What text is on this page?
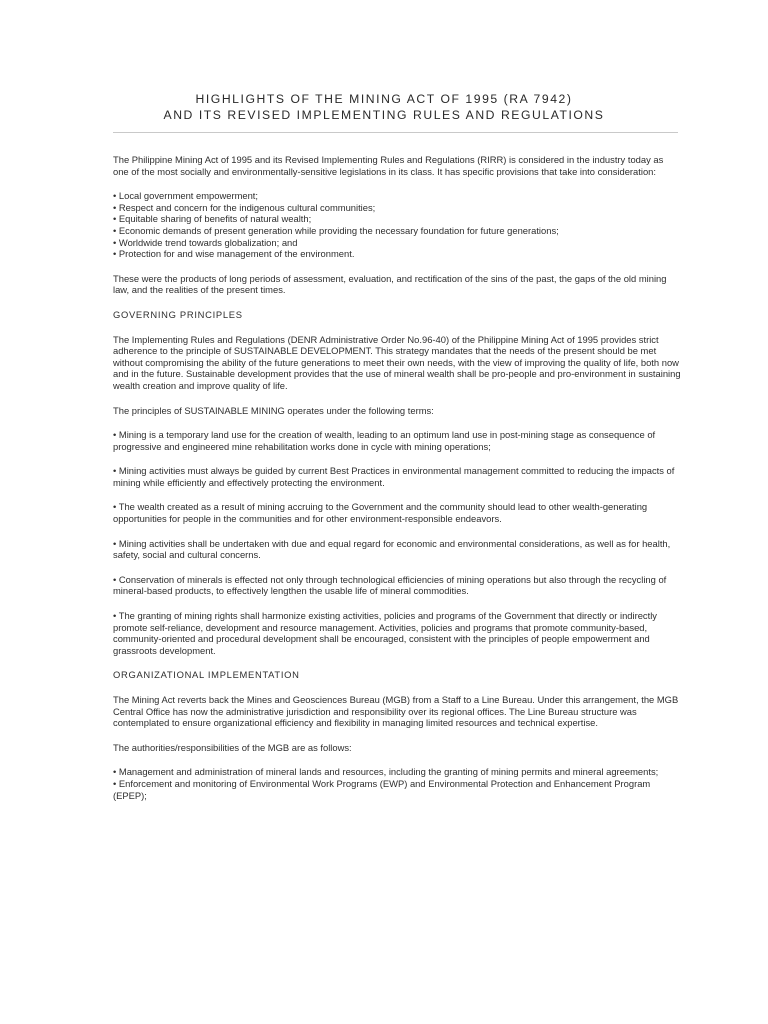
HIGHLIGHTS OF THE MINING ACT OF 1995 (RA 7942)
AND ITS REVISED IMPLEMENTING RULES AND REGULATIONS

The Philippine Mining Act of 1995 and its Revised Implementing Rules and Regulations (RIRR) is considered in the industry today as one of the most socially and environmentally-sensitive legislations in its class. It has specific provisions that take into consideration:

• Local government empowerment;
• Respect and concern for the indigenous cultural communities;
• Equitable sharing of benefits of natural wealth;
• Economic demands of present generation while providing the necessary foundation for future generations;
• Worldwide trend towards globalization; and
• Protection for and wise management of the environment.

These were the products of long periods of assessment, evaluation, and rectification of the sins of the past, the gaps of the old mining law, and the realities of the present times.

GOVERNING PRINCIPLES

The Implementing Rules and Regulations (DENR Administrative Order No.96-40) of the Philippine Mining Act of 1995 provides strict adherence to the principle of SUSTAINABLE DEVELOPMENT. This strategy mandates that the needs of the present should be met without compromising the ability of the future generations to meet their own needs, with the view of improving the quality of life, both now and in the future. Sustainable development provides that the use of mineral wealth shall be pro-people and pro-environment in sustaining wealth creation and improve quality of life.

The principles of SUSTAINABLE MINING operates under the following terms:

• Mining is a temporary land use for the creation of wealth, leading to an optimum land use in post-mining stage as consequence of progressive and engineered mine rehabilitation works done in cycle with mining operations;

• Mining activities must always be guided by current Best Practices in environmental management committed to reducing the impacts of mining while efficiently and effectively protecting the environment.

• The wealth created as a result of mining accruing to the Government and the community should lead to other wealth-generating opportunities for people in the communities and for other environment-responsible endeavors.

• Mining activities shall be undertaken with due and equal regard for economic and environmental considerations, as well as for health, safety, social and cultural concerns.

• Conservation of minerals is effected not only through technological efficiencies of mining operations but also through the recycling of mineral-based products, to effectively lengthen the usable life of mineral commodities.

• The granting of mining rights shall harmonize existing activities, policies and programs of the Government that directly or indirectly promote self-reliance, development and resource management. Activities, policies and programs that promote community-based, community-oriented and procedural development shall be encouraged, consistent with the principles of people empowerment and grassroots development.

ORGANIZATIONAL IMPLEMENTATION

The Mining Act reverts back the Mines and Geosciences Bureau (MGB) from a Staff to a Line Bureau. Under this arrangement, the MGB Central Office has now the administrative jurisdiction and responsibility over its regional offices. The Line Bureau structure was contemplated to ensure organizational efficiency and flexibility in managing limited resources and technical expertise.

The authorities/responsibilities of the MGB are as follows:

• Management and administration of mineral lands and resources, including the granting of mining permits and mineral agreements;
• Enforcement and monitoring of Environmental Work Programs (EWP) and Environmental Protection and Enhancement Program (EPEP);
